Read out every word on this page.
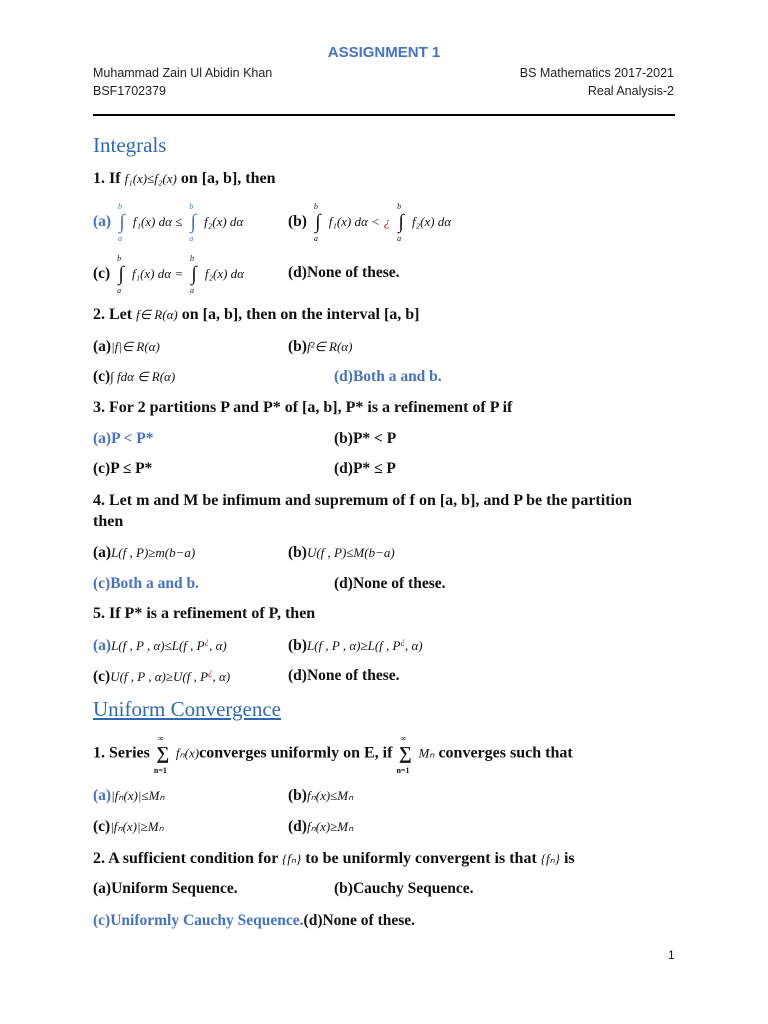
ASSIGNMENT 1
Muhammad Zain Ul Abidin Khan
BSF1702379
BS Mathematics 2017-2021
Real Analysis-2
Integrals
1. If f₁(x)≤f₂(x) on [a, b], then
(a)
b
∫
a
f₁(x) dα ≤
b
∫
a
f₂(x) dα	(b)
b
∫
a
f₁(x) dα < ¿
b
∫
a
f₂(x) dα
(c)
b
∫
a
f₁(x) dα =
b
∫
a
f₂(x) dα	(d)None of these.
2. Let f∈ R(α) on [a, b], then on the interval [a, b]
(a)|f|∈ R(α)	(b)f²∈ R(α)
(c)∫ fdα ∈ R(α)	(d)Both a and b.
3. For 2 partitions P and P* of [a, b], P* is a refinement of P if
(a)P < P*	(b)P* < P
(c)P ≤ P*	(d)P* ≤ P
4. Let m and M be infimum and supremum of f on [a, b], and P be the partition
then
(a)L(f , P)≥m(b−a)	(b)U(f , P)≤M(b−a)
(c)Both a and b.	(d)None of these.
5. If P* is a refinement of P, then
(a)L(f , P , α)≤L(f , P¿, α)	(b)L(f , P , α)≥L(f , P¿, α)
(c)U(f , P , α)≥U(f , P¿, α)	(d)None of these.
Uniform Convergence
1. Series
∞
∑
n=1
fₙ(x)converges uniformly on E, if
∞
∑
n=1
Mₙ converges such that
(a)|fₙ(x)|≤Mₙ	(b)fₙ(x)≤Mₙ
(c)|fₙ(x)|≥Mₙ	(d)fₙ(x)≥Mₙ
2. A sufficient condition for {fₙ} to be uniformly convergent is that {fₙ} is
(a)Uniform Sequence.	(b)Cauchy Sequence.
(c)Uniformly Cauchy Sequence.(d)None of these.
1
